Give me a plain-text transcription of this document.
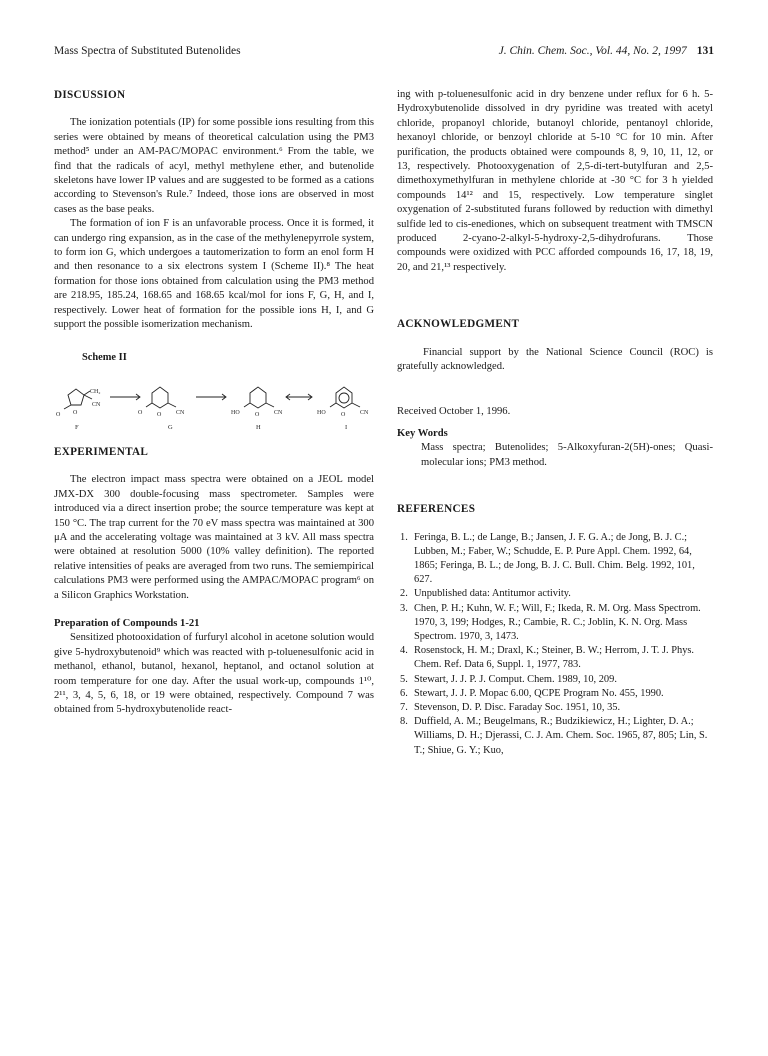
Mass Spectra of Substituted Butenolides	J. Chin. Chem. Soc., Vol. 44, No. 2, 1997 131
DISCUSSION

The ionization potentials (IP) for some possible ions resulting from this series were obtained by means of theoretical calculation using the PM3 method⁵ under an AM-PAC/MOPAC environment.⁶ From the table, we find that the radicals of acyl, methyl methylene ether, and butenolide skeletons have lower IP values and are suggested to be formed as a cations according to Stevenson's Rule.⁷ Indeed, those ions are observed in most cases as the base peaks.

The formation of ion F is an unfavorable process. Once it is formed, it can undergo ring expansion, as in the case of the methylenepyrrole system, to form ion G, which undergoes a tautomerization to form an enol form H and then resonance to a six electrons system I (Scheme II).⁸ The heat formation for those ions obtained from calculation using the PM3 method are 218.95, 185.24, 168.65 and 168.65 kcal/mol for ions F, G, H, and I, respectively. Lower heat of formation for the possible ions H, I, and G support the possible isomerization mechanism.

Scheme II
O O
CH₂
CN
O O CN	HO	O CN	HO	O CN
F	G	H	I
EXPERIMENTAL

The electron impact mass spectra were obtained on a JEOL model JMX-DX 300 double-focusing mass spectrometer. Samples were introduced via a direct insertion probe; the source temperature was kept at 150 °C. The trap current for the 70 eV mass spectra was maintained at 300 μA and the accelerating voltage was maintained at 3 kV. All mass spectra were obtained at resolution 5000 (10% valley definition). The reported relative intensities of peaks are averaged from two runs. The semiempirical calculations PM3 were performed using the AMPAC/MOPAC program⁶ on a Silicon Graphics Workstation.

Preparation of Compounds 1-21

Sensitized photooxidation of furfuryl alcohol in acetone solution would give 5-hydroxybutenoid⁹ which was reacted with p-toluenesulfonic acid in methanol, ethanol, butanol, hexanol, heptanol, and octanol solution at room temperature for one day. After the usual work-up, compounds 1¹⁰, 2¹¹, 3, 4, 5, 6, 18, or 19 were obtained, respectively. Compound 7 was obtained from 5-hydroxybutenolide react-

ing with p-toluenesulfonic acid in dry benzene under reflux for 6 h. 5-Hydroxybutenolide dissolved in dry pyridine was treated with acetyl chloride, propanoyl chloride, butanoyl chloride, pentanoyl chloride, hexanoyl chloride, or benzoyl chloride at 5-10 °C for 10 min. After purification, the products obtained were compounds 8, 9, 10, 11, 12, or 13, respectively. Photooxygenation of 2,5-di-tert-butylfuran and 2,5-dimethoxymethylfuran in methylene chloride at -30 °C for 3 h yielded compounds 14¹² and 15, respectively. Low temperature singlet oxygenation of 2-substituted furans followed by reduction with dimethyl sulfide led to cis-enediones, which on subsequent treatment with TMSCN produced 2-cyano-2-alkyl-5-hydroxy-2,5-dihydrofurans. Those compounds were oxidized with PCC afforded compounds 16, 17, 18, 19, 20, and 21,¹³ respectively.

ACKNOWLEDGMENT

Financial support by the National Science Council (ROC) is gratefully acknowledged.

Received October 1, 1996.

Key Words

Mass spectra; Butenolides; 5-Alkoxyfuran-2(5H)-ones; Quasi-molecular ions; PM3 method.

REFERENCES
1. Feringa, B. L.; de Lange, B.; Jansen, J. F. G. A.; de Jong, B. J. C.; Lubben, M.; Faber, W.; Schudde, E. P. Pure Appl. Chem. 1992, 64, 1865; Feringa, B. L.; de Jong, B. J. C. Bull. Chim. Belg. 1992, 101, 627.
2. Unpublished data: Antitumor activity.
3. Chen, P. H.; Kuhn, W. F.; Will, F.; Ikeda, R. M. Org. Mass Spectrom. 1970, 3, 199; Hodges, R.; Cambie, R. C.; Joblin, K. N. Org. Mass Spectrom. 1970, 3, 1473.
4. Rosenstock, H. M.; Draxl, K.; Steiner, B. W.; Herrom, J. T. J. Phys. Chem. Ref. Data 6, Suppl. 1, 1977, 783.
5. Stewart, J. J. P. J. Comput. Chem. 1989, 10, 209.
6. Stewart, J. J. P. Mopac 6.00, QCPE Program No. 455, 1990.
7. Stevenson, D. P. Disc. Faraday Soc. 1951, 10, 35.
8. Duffield, A. M.; Beugelmans, R.; Budzikiewicz, H.; Lighter, D. A.; Williams, D. H.; Djerassi, C. J. Am. Chem. Soc. 1965, 87, 805; Lin, S. T.; Shiue, G. Y.; Kuo,
